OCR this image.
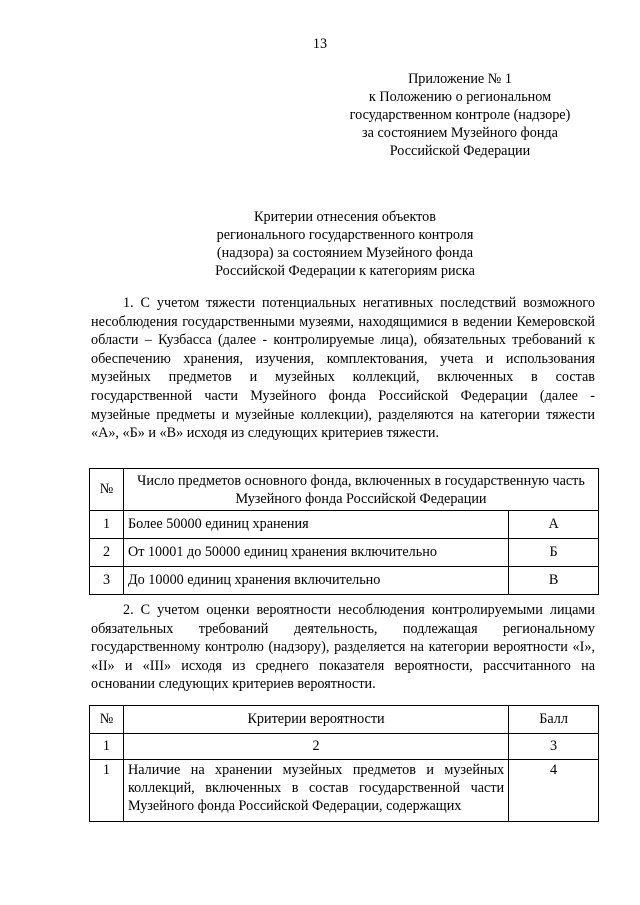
13
Приложение № 1
к Положению о региональном
государственном контроле (надзоре)
за состоянием Музейного фонда
Российской Федерации
Критерии отнесения объектов
регионального государственного контроля
(надзора) за состоянием Музейного фонда
Российской Федерации к категориям риска

1. С учетом тяжести потенциальных негативных последствий возможного несоблюдения государственными музеями, находящимися в ведении Кемеровской области – Кузбасса (далее - контролируемые лица), обязательных требований к обеспечению хранения, изучения, комплектования, учета и использования музейных предметов и музейных коллекций, включенных в состав государственной части Музейного фонда Российской Федерации (далее - музейные предметы и музейные коллекции), разделяются на категории тяжести «А», «Б» и «В» исходя из следующих критериев тяжести.

№	Число предметов основного фонда, включенных в государственную часть Музейного фонда Российской Федерации	
1	Более 50000 единиц хранения	А
2	От 10001 до 50000 единиц хранения включительно	Б
3	До 10000 единиц хранения включительно	В

2. С учетом оценки вероятности несоблюдения контролируемыми лицами обязательных требований деятельность, подлежащая региональному государственному контролю (надзору), разделяется на категории вероятности «I», «II» и «III» исходя из среднего показателя вероятности, рассчитанного на основании следующих критериев вероятности.

№	Критерии вероятности	Балл
1	2	3
1	Наличие на хранении музейных предметов и музейных коллекций, включенных в состав государственной части Музейного фонда Российской Федерации, содержащих	4
